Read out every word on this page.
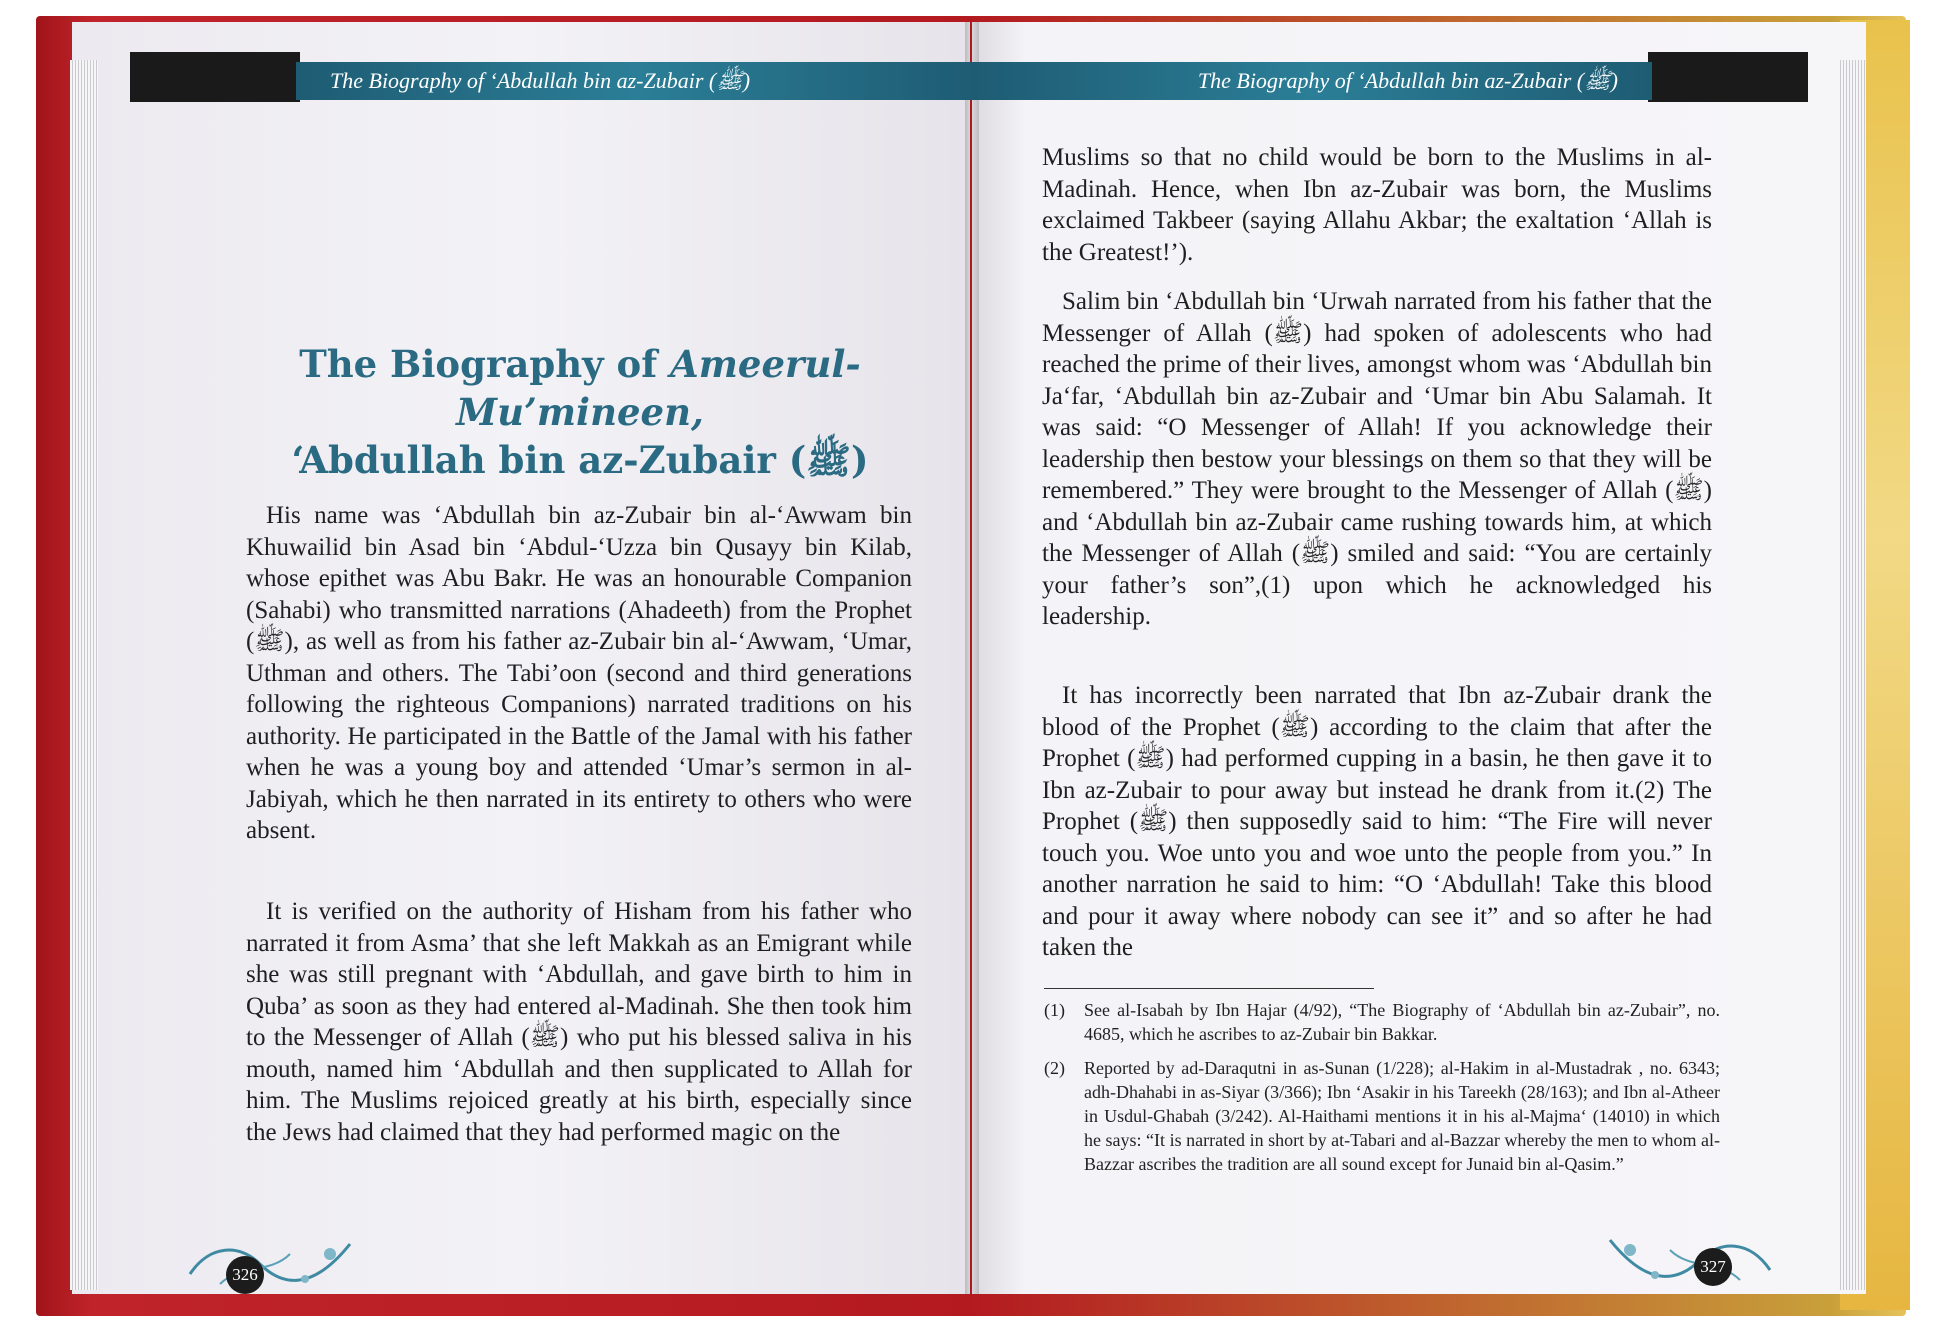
The Biography of ‘Abdullah bin az-Zubair (ﷺ)	The Biography of ‘Abdullah bin az-Zubair (ﷺ)
The Biography of Ameerul-Mu’mineen,
‘Abdullah bin az-Zubair (ﷺ)

His name was ‘Abdullah bin az-Zubair bin al-‘Awwam bin Khuwailid bin Asad bin ‘Abdul-‘Uzza bin Qusayy bin Kilab, whose epithet was Abu Bakr. He was an honourable Companion (Sahabi) who transmitted narrations (Ahadeeth) from the Prophet (ﷺ), as well as from his father az-Zubair bin al-‘Awwam, ‘Umar, Uthman and others. The Tabi’oon (second and third generations following the righteous Companions) narrated traditions on his authority. He participated in the Battle of the Jamal with his father when he was a young boy and attended ‘Umar’s sermon in al-Jabiyah, which he then narrated in its entirety to others who were absent.

It is verified on the authority of Hisham from his father who narrated it from Asma’ that she left Makkah as an Emigrant while she was still pregnant with ‘Abdullah, and gave birth to him in Quba’ as soon as they had entered al-Madinah. She then took him to the Messenger of Allah (ﷺ) who put his blessed saliva in his mouth, named him ‘Abdullah and then supplicated to Allah for him. The Muslims rejoiced greatly at his birth, especially since the Jews had claimed that they had performed magic on the

326

Muslims so that no child would be born to the Muslims in al-Madinah. Hence, when Ibn az-Zubair was born, the Muslims exclaimed Takbeer (saying Allahu Akbar; the exaltation ‘Allah is the Greatest!’).

Salim bin ‘Abdullah bin ‘Urwah narrated from his father that the Messenger of Allah (ﷺ) had spoken of adolescents who had reached the prime of their lives, amongst whom was ‘Abdullah bin Ja‘far, ‘Abdullah bin az-Zubair and ‘Umar bin Abu Salamah. It was said: “O Messenger of Allah! If you acknowledge their leadership then bestow your blessings on them so that they will be remembered.” They were brought to the Messenger of Allah (ﷺ) and ‘Abdullah bin az-Zubair came rushing towards him, at which the Messenger of Allah (ﷺ) smiled and said: “You are certainly your father’s son”,(1) upon which he acknowledged his leadership.

It has incorrectly been narrated that Ibn az-Zubair drank the blood of the Prophet (ﷺ) according to the claim that after the Prophet (ﷺ) had performed cupping in a basin, he then gave it to Ibn az-Zubair to pour away but instead he drank from it.(2) The Prophet (ﷺ) then supposedly said to him: “The Fire will never touch you. Woe unto you and woe unto the people from you.” In another narration he said to him: “O ‘Abdullah! Take this blood and pour it away where nobody can see it” and so after he had taken the

(1)	See al-Isabah by Ibn Hajar (4/92), “The Biography of ‘Abdullah bin az-Zubair”, no. 4685, which he ascribes to az-Zubair bin Bakkar.
(2)	Reported by ad-Daraqutni in as-Sunan (1/228); al-Hakim in al-Mustadrak , no. 6343; adh-Dhahabi in as-Siyar (3/366); Ibn ‘Asakir in his Tareekh (28/163); and Ibn al-Atheer in Usdul-Ghabah (3/242). Al-Haithami mentions it in his al-Majma‘ (14010) in which he says: “It is narrated in short by at-Tabari and al-Bazzar whereby the men to whom al-Bazzar ascribes the tradition are all sound except for Junaid bin al-Qasim.”
327
